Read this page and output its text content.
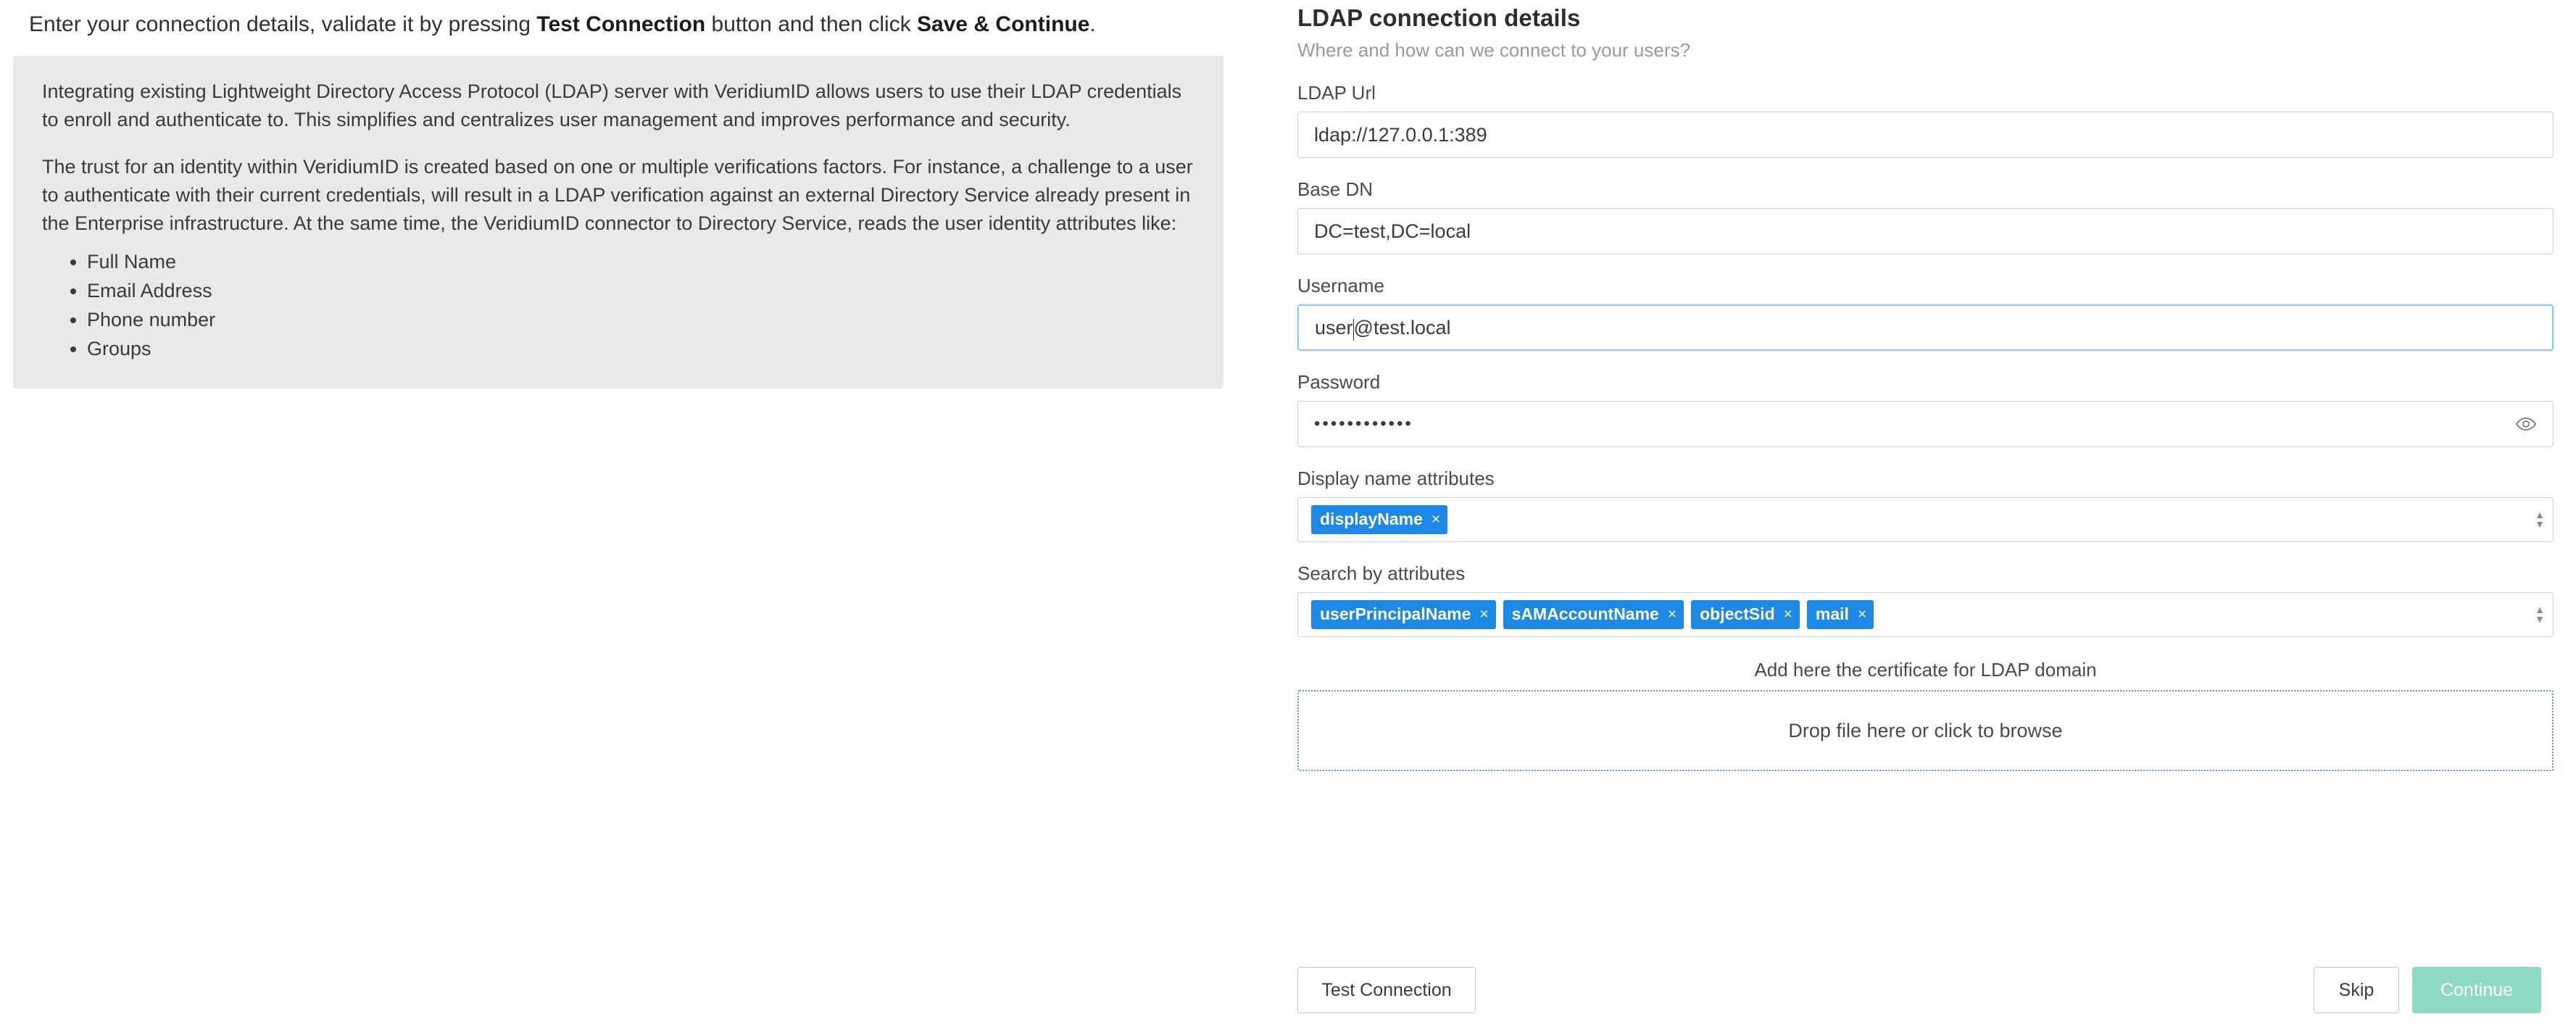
Enter your connection details, validate it by pressing Test Connection button and then click Save & Continue.

Integrating existing Lightweight Directory Access Protocol (LDAP) server with VeridiumID allows users to use their LDAP credentials to enroll and authenticate to. This simplifies and centralizes user management and improves performance and security.

The trust for an identity within VeridiumID is created based on one or multiple verifications factors. For instance, a challenge to a user to authenticate with their current credentials, will result in a LDAP verification against an external Directory Service already present in the Enterprise infrastructure. At the same time, the VeridiumID connector to Directory Service, reads the user identity attributes like:

• Full Name
• Email Address
• Phone number
• Groups
LDAP connection details
Where and how can we connect to your users?
LDAP Url
ldap://127.0.0.1:389
Base DN
DC=test,DC=local
Username
user @test.local
Password
••••••••••••
Display name attributes
displayName ×	▲
▼
Search by attributes
userPrincipalName × sAMAccountName × objectSid × mail ×	▲
▼
Add here the certificate for LDAP domain
Drop file here or click to browse
Test Connection	Skip	Continue
